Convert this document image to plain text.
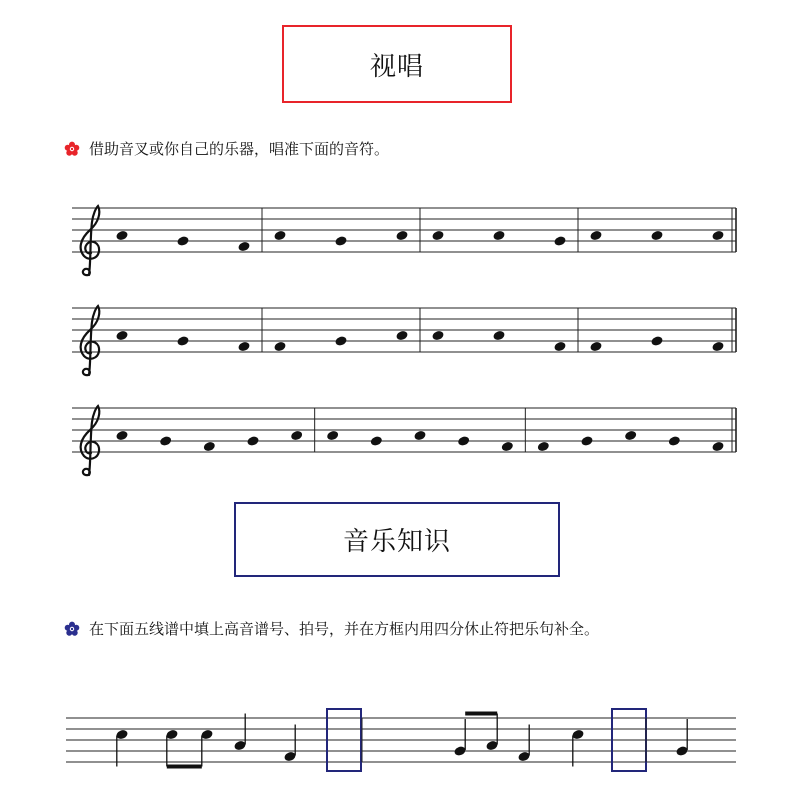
视唱
借助音叉或你自己的乐器，唱准下面的音符。
音乐知识
在下面五线谱中填上高音谱号、拍号，并在方框内用四分休止符把乐句补全。
